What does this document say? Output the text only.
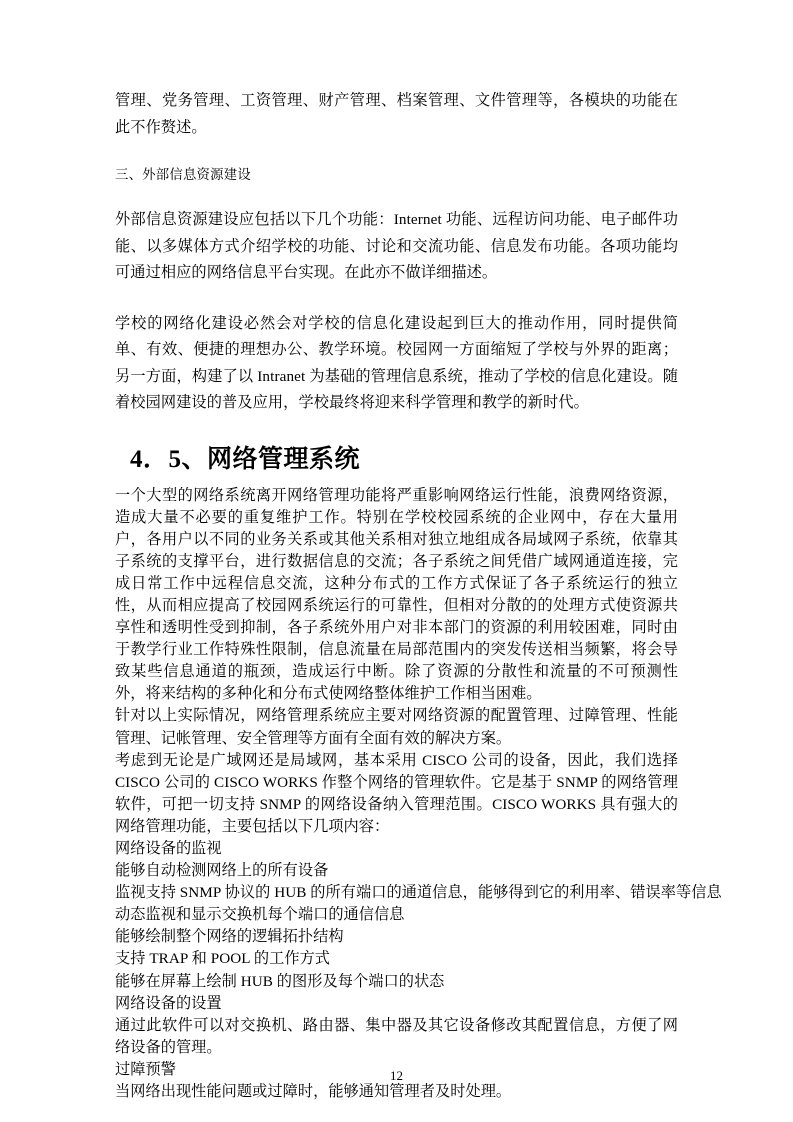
管理、党务管理、工资管理、财产管理、档案管理、文件管理等，各模块的功能在此不作赘述。

三、外部信息资源建设

外部信息资源建设应包括以下几个功能：Internet 功能、远程访问功能、电子邮件功能、以多媒体方式介绍学校的功能、讨论和交流功能、信息发布功能。各项功能均可通过相应的网络信息平台实现。在此亦不做详细描述。

学校的网络化建设必然会对学校的信息化建设起到巨大的推动作用，同时提供简单、有效、便捷的理想办公、教学环境。校园网一方面缩短了学校与外界的距离；另一方面，构建了以 Intranet 为基础的管理信息系统，推动了学校的信息化建设。随着校园网建设的普及应用，学校最终将迎来科学管理和教学的新时代。

4．5、网络管理系统

一个大型的网络系统离开网络管理功能将严重影响网络运行性能，浪费网络资源，造成大量不必要的重复维护工作。特别在学校校园系统的企业网中，存在大量用户，各用户以不同的业务关系或其他关系相对独立地组成各局域网子系统，依靠其子系统的支撑平台，进行数据信息的交流；各子系统之间凭借广域网通道连接，完成日常工作中远程信息交流，这种分布式的工作方式保证了各子系统运行的独立性，从而相应提高了校园网系统运行的可靠性，但相对分散的的处理方式使资源共享性和透明性受到抑制，各子系统外用户对非本部门的资源的利用较困难，同时由于教学行业工作特殊性限制，信息流量在局部范围内的突发传送相当频繁，将会导致某些信息通道的瓶颈，造成运行中断。除了资源的分散性和流量的不可预测性外，将来结构的多种化和分布式使网络整体维护工作相当困难。

针对以上实际情况，网络管理系统应主要对网络资源的配置管理、过障管理、性能管理、记帐管理、安全管理等方面有全面有效的解决方案。

考虑到无论是广域网还是局域网，基本采用 CISCO 公司的设备，因此，我们选择 CISCO 公司的 CISCO WORKS 作整个网络的管理软件。它是基于 SNMP 的网络管理软件，可把一切支持 SNMP 的网络设备纳入管理范围。CISCO WORKS 具有强大的网络管理功能，主要包括以下几项内容：

网络设备的监视

能够自动检测网络上的所有设备

监视支持 SNMP 协议的 HUB 的所有端口的通道信息，能够得到它的利用率、错误率等信息

动态监视和显示交换机每个端口的通信信息

能够绘制整个网络的逻辑拓扑结构

支持 TRAP 和 POOL 的工作方式

能够在屏幕上绘制 HUB 的图形及每个端口的状态

网络设备的设置

通过此软件可以对交换机、路由器、集中器及其它设备修改其配置信息，方便了网络设备的管理。

过障预警

当网络出现性能问题或过障时，能够通知管理者及时处理。

12
